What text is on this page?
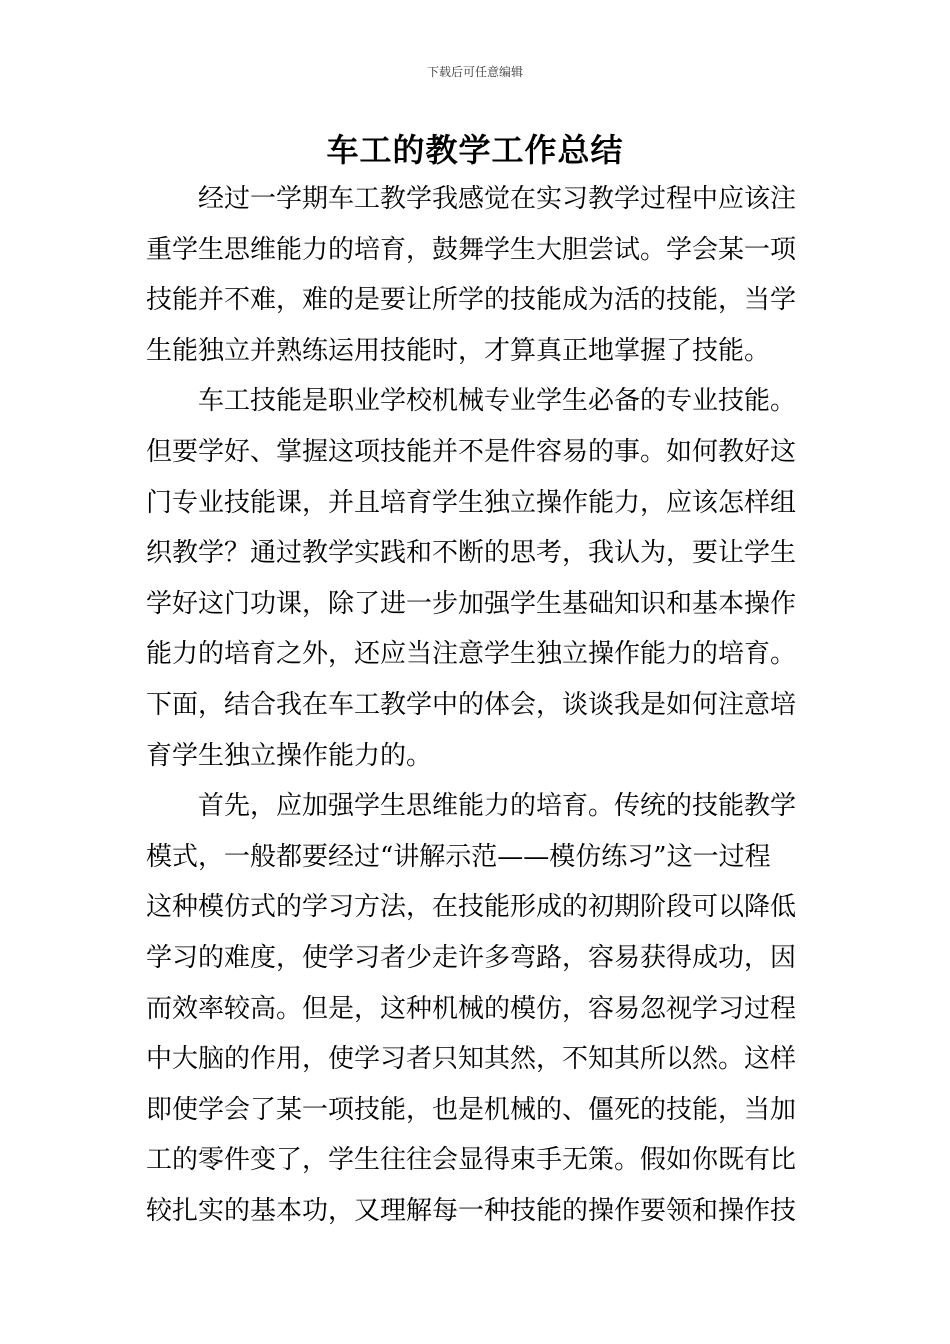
下载后可任意编辑
车工的教学工作总结
经过一学期车工教学我感觉在实习教学过程中应该注
重学生思维能力的培育，鼓舞学生大胆尝试。学会某一项
技能并不难，难的是要让所学的技能成为活的技能，当学
生能独立并熟练运用技能时，才算真正地掌握了技能。
车工技能是职业学校机械专业学生必备的专业技能。
但要学好、掌握这项技能并不是件容易的事。如何教好这
门专业技能课，并且培育学生独立操作能力，应该怎样组
织教学？通过教学实践和不断的思考，我认为，要让学生
学好这门功课，除了进一步加强学生基础知识和基本操作
能力的培育之外，还应当注意学生独立操作能力的培育。
下面，结合我在车工教学中的体会，谈谈我是如何注意培
育学生独立操作能力的。
首先，应加强学生思维能力的培育。传统的技能教学
模式，一般都要经过“讲解示范——模仿练习”这一过程
这种模仿式的学习方法，在技能形成的初期阶段可以降低
学习的难度，使学习者少走许多弯路，容易获得成功，因
而效率较高。但是，这种机械的模仿，容易忽视学习过程
中大脑的作用，使学习者只知其然，不知其所以然。这样
即使学会了某一项技能，也是机械的、僵死的技能，当加
工的零件变了，学生往往会显得束手无策。假如你既有比
较扎实的基本功，又理解每一种技能的操作要领和操作技
